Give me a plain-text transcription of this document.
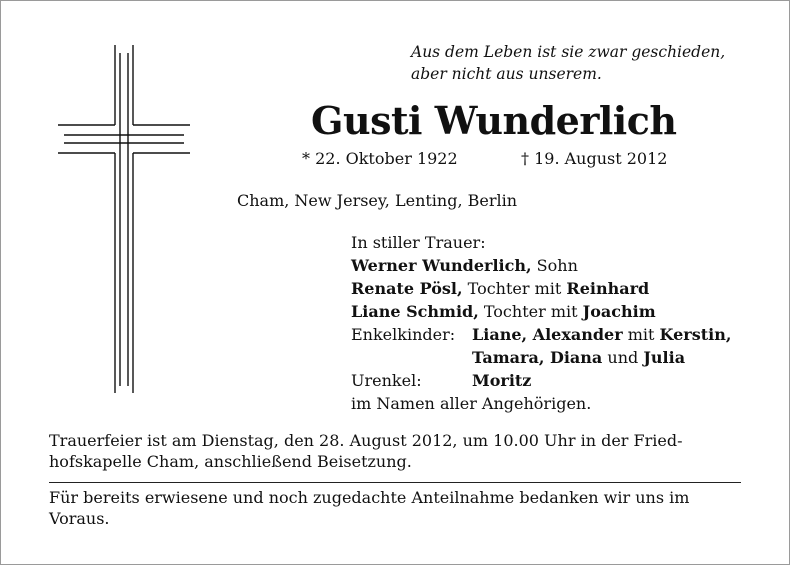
Aus dem Leben ist sie zwar geschieden,
aber nicht aus unserem.
Gusti Wunderlich
* 22. Oktober 1922	† 19. August 2012
Cham, New Jersey, Lenting, Berlin
In stiller Trauer:
Werner Wunderlich, Sohn
Renate Pösl, Tochter mit Reinhard
Liane Schmid, Tochter mit Joachim
Enkelkinder: Liane, Alexander mit Kerstin,
Tamara, Diana und Julia
Urenkel:	Moritz
im Namen aller Angehörigen.
Trauerfeier ist am Dienstag, den 28. August 2012, um 10.00 Uhr in der Fried-
hofskapelle Cham, anschließend Beisetzung.
Für bereits erwiesene und noch zugedachte Anteilnahme bedanken wir uns im
Voraus.
